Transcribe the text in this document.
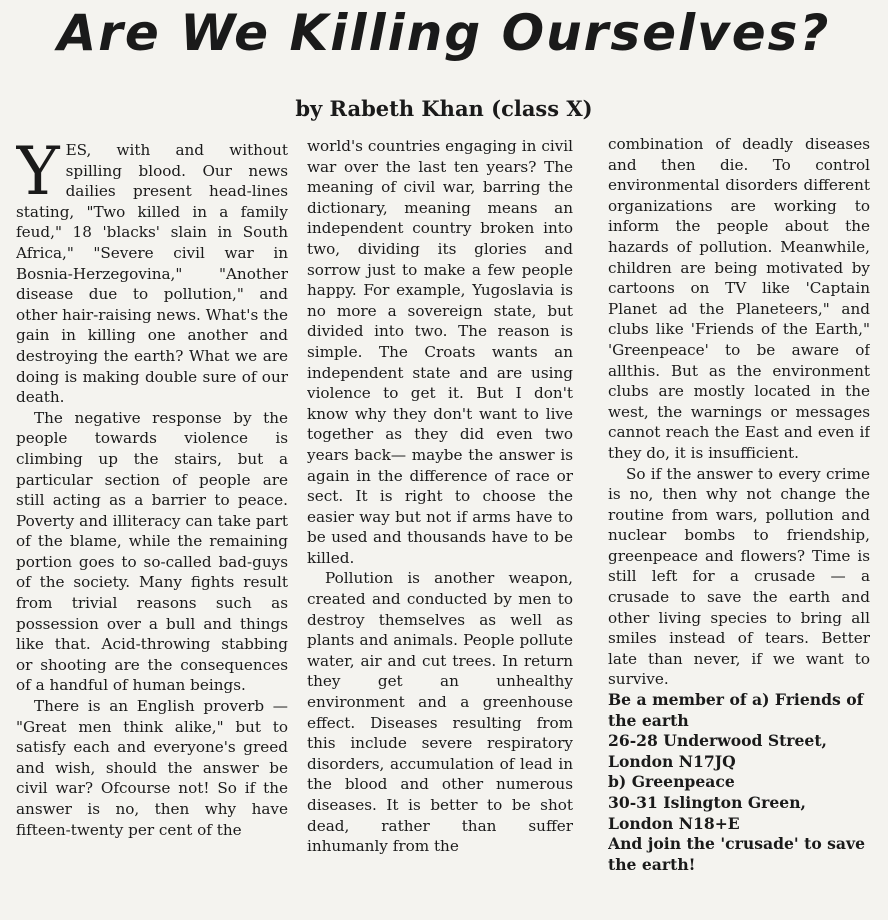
Are We Killing Ourselves?
by Rabeth Khan (class X)

YES, with and without spilling blood. Our news dailies present head-lines stating, "Two killed in a family feud," 18 'blacks' slain in South Africa," "Severe civil war in Bosnia-Herzegovina," "Another disease due to pollution," and other hair-raising news. What's the gain in killing one another and destroying the earth? What we are doing is making double sure of our death.

The negative response by the people towards violence is climbing up the stairs, but a particular section of people are still acting as a barrier to peace. Poverty and illiteracy can take part of the blame, while the remaining portion goes to so-called bad-guys of the society. Many fights result from trivial reasons such as possession over a bull and things like that. Acid-throwing stabbing or shooting are the consequences of a handful of human beings.

There is an English proverb — "Great men think alike," but to satisfy each and everyone's greed and wish, should the answer be civil war? Ofcourse not! So if the answer is no, then why have fifteen-twenty per cent of the

world's countries engaging in civil war over the last ten years? The meaning of civil war, barring the dictionary, meaning means an independent country broken into two, dividing its glories and sorrow just to make a few people happy. For example, Yugoslavia is no more a sovereign state, but divided into two. The reason is simple. The Croats wants an independent state and are using violence to get it. But I don't know why they don't want to live together as they did even two years back— maybe the answer is again in the difference of race or sect. It is right to choose the easier way but not if arms have to be used and thousands have to be killed.

Pollution is another weapon, created and conducted by men to destroy themselves as well as plants and animals. People pollute water, air and cut trees. In return they get an unhealthy environment and a greenhouse effect. Diseases resulting from this include severe respiratory disorders, accumulation of lead in the blood and other numerous diseases. It is better to be shot dead, rather than suffer inhumanly from the

combination of deadly diseases and then die. To control environmental disorders different organizations are working to inform the people about the hazards of pollution. Meanwhile, children are being motivated by cartoons on TV like 'Captain Planet ad the Planeteers," and clubs like 'Friends of the Earth," 'Greenpeace' to be aware of allthis. But as the environment clubs are mostly located in the west, the warnings or messages cannot reach the East and even if they do, it is insufficient.

So if the answer to every crime is no, then why not change the routine from wars, pollution and nuclear bombs to friendship, greenpeace and flowers? Time is still left for a crusade — a crusade to save the earth and other living species to bring all smiles instead of tears. Better late than never, if we want to survive.

Be a member of a) Friends of the earth
26-28 Underwood Street, London N17JQ
b) Greenpeace
30-31 Islington Green, London N18+E
And join the 'crusade' to save the earth!
